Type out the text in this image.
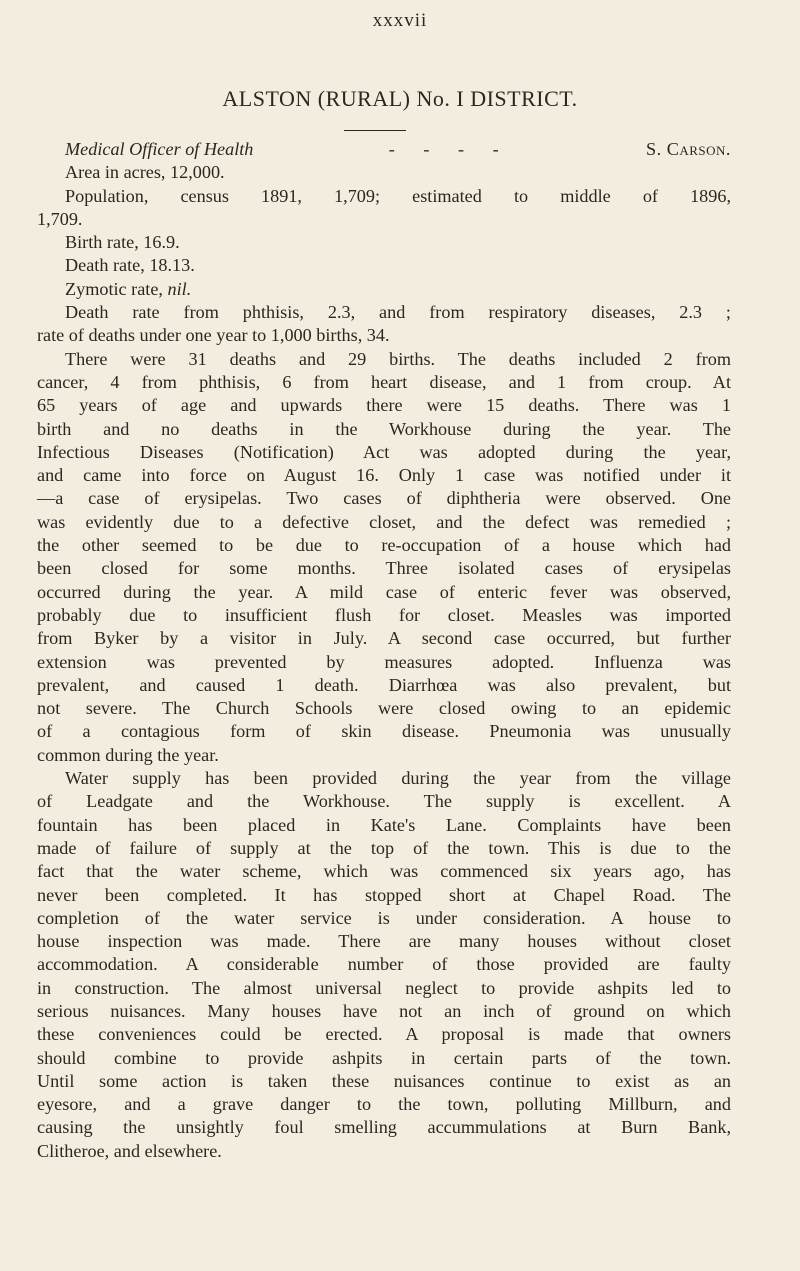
xxxvii
ALSTON (RURAL) No. I DISTRICT.
Medical Officer of Health	- - - -	S. Carson.
Area in acres, 12,000.
Population, census 1891, 1,709; estimated to middle of 1896,
1,709.
Birth rate, 16.9.
Death rate, 18.13.
Zymotic rate, nil.
Death rate from phthisis, 2.3, and from respiratory diseases, 2.3 ;
rate of deaths under one year to 1,000 births, 34.
There were 31 deaths and 29 births. The deaths included 2 from
cancer, 4 from phthisis, 6 from heart disease, and 1 from croup. At
65 years of age and upwards there were 15 deaths. There was 1
birth and no deaths in the Workhouse during the year. The
Infectious Diseases (Notification) Act was adopted during the year,
and came into force on August 16. Only 1 case was notified under it
—a case of erysipelas. Two cases of diphtheria were observed. One
was evidently due to a defective closet, and the defect was remedied ;
the other seemed to be due to re-occupation of a house which had
been closed for some months. Three isolated cases of erysipelas
occurred during the year. A mild case of enteric fever was observed,
probably due to insufficient flush for closet. Measles was imported
from Byker by a visitor in July. A second case occurred, but further
extension was prevented by measures adopted. Influenza was
prevalent, and caused 1 death. Diarrhœa was also prevalent, but
not severe. The Church Schools were closed owing to an epidemic
of a contagious form of skin disease. Pneumonia was unusually
common during the year.
Water supply has been provided during the year from the village
of Leadgate and the Workhouse. The supply is excellent. A
fountain has been placed in Kate's Lane. Complaints have been
made of failure of supply at the top of the town. This is due to the
fact that the water scheme, which was commenced six years ago, has
never been completed. It has stopped short at Chapel Road. The
completion of the water service is under consideration. A house to
house inspection was made. There are many houses without closet
accommodation. A considerable number of those provided are faulty
in construction. The almost universal neglect to provide ashpits led to
serious nuisances. Many houses have not an inch of ground on which
these conveniences could be erected. A proposal is made that owners
should combine to provide ashpits in certain parts of the town.
Until some action is taken these nuisances continue to exist as an
eyesore, and a grave danger to the town, polluting Millburn, and
causing the unsightly foul smelling accummulations at Burn Bank,
Clitheroe, and elsewhere.
